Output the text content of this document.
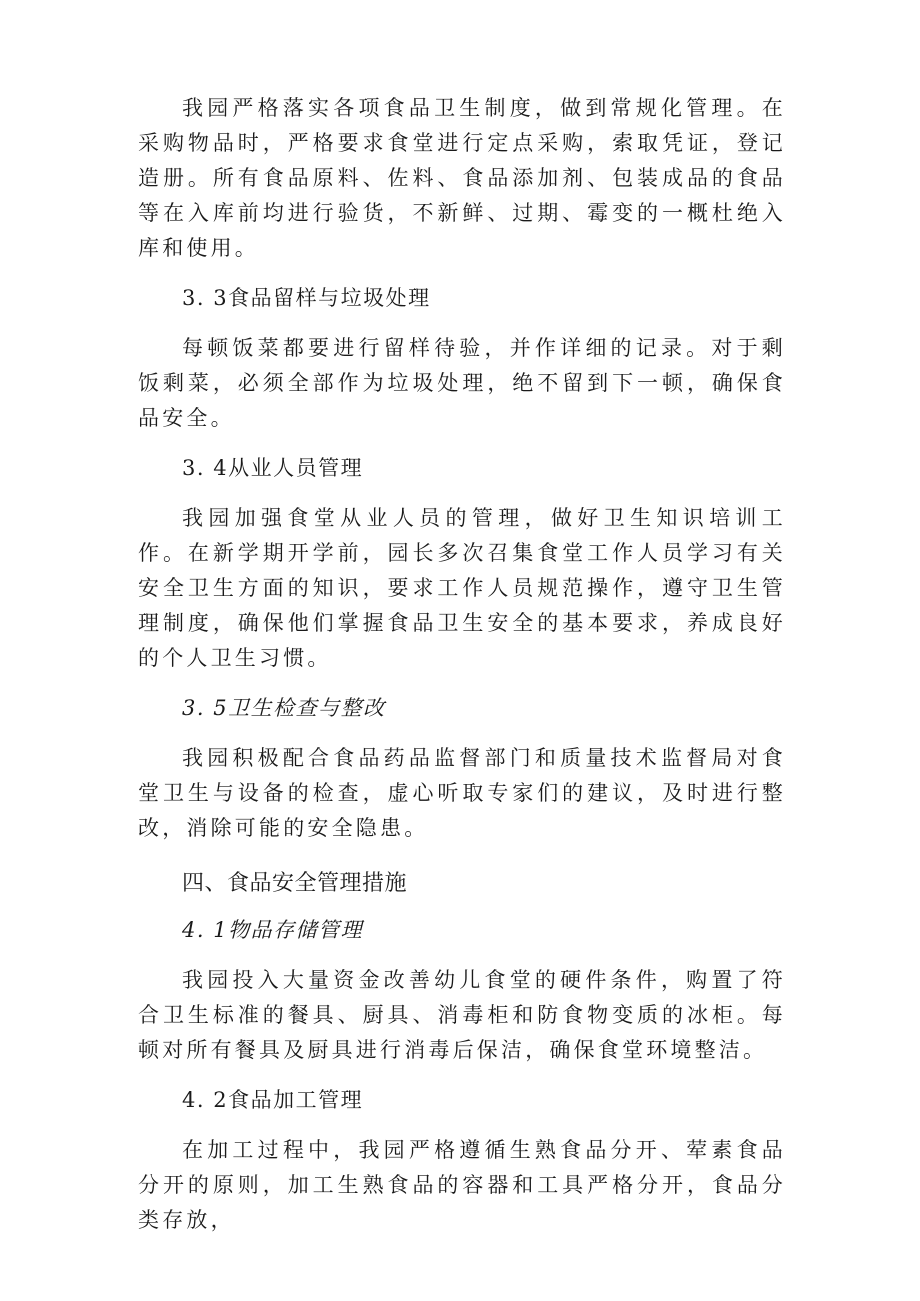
我园严格落实各项食品卫生制度，做到常规化管理。在采购物品时，严格要求食堂进行定点采购，索取凭证，登记造册。所有食品原料、佐料、食品添加剂、包装成品的食品等在入库前均进行验货，不新鲜、过期、霉变的一概杜绝入库和使用。

3. 3食品留样与垃圾处理

每顿饭菜都要进行留样待验，并作详细的记录。对于剩饭剩菜，必须全部作为垃圾处理，绝不留到下一顿，确保食品安全。

3. 4从业人员管理

我园加强食堂从业人员的管理，做好卫生知识培训工作。在新学期开学前，园长多次召集食堂工作人员学习有关安全卫生方面的知识，要求工作人员规范操作，遵守卫生管理制度，确保他们掌握食品卫生安全的基本要求，养成良好的个人卫生习惯。

3. 5卫生检查与整改

我园积极配合食品药品监督部门和质量技术监督局对食堂卫生与设备的检查，虚心听取专家们的建议，及时进行整改，消除可能的安全隐患。

四、食品安全管理措施

4. 1物品存储管理

我园投入大量资金改善幼儿食堂的硬件条件，购置了符合卫生标准的餐具、厨具、消毒柜和防食物变质的冰柜。每顿对所有餐具及厨具进行消毒后保洁，确保食堂环境整洁。

4. 2食品加工管理

在加工过程中，我园严格遵循生熟食品分开、荤素食品分开的原则，加工生熟食品的容器和工具严格分开，食品分类存放，
